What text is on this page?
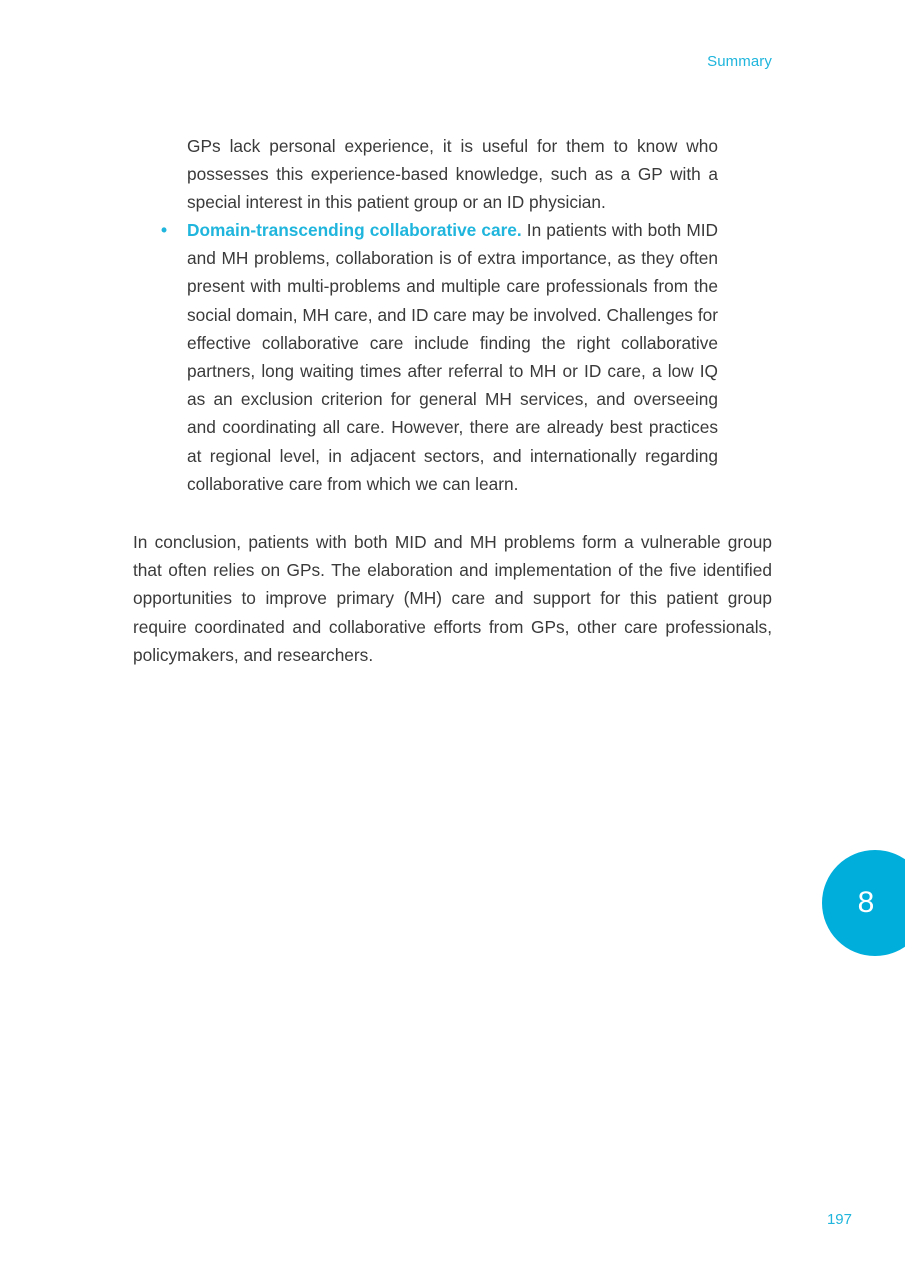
Summary

GPs lack personal experience, it is useful for them to know who possesses this experience-based knowledge, such as a GP with a special interest in this patient group or an ID physician.

• Domain-transcending collaborative care. In patients with both MID and MH problems, collaboration is of extra importance, as they often present with multi-problems and multiple care professionals from the social domain, MH care, and ID care may be involved. Challenges for effective collaborative care include finding the right collaborative partners, long waiting times after referral to MH or ID care, a low IQ as an exclusion criterion for general MH services, and overseeing and coordinating all care. However, there are already best practices at regional level, in adjacent sectors, and internationally regarding collaborative care from which we can learn.

In conclusion, patients with both MID and MH problems form a vulnerable group that often relies on GPs. The elaboration and implementation of the five identified opportunities to improve primary (MH) care and support for this patient group require coordinated and collaborative efforts from GPs, other care professionals, policymakers, and researchers.

8
197
